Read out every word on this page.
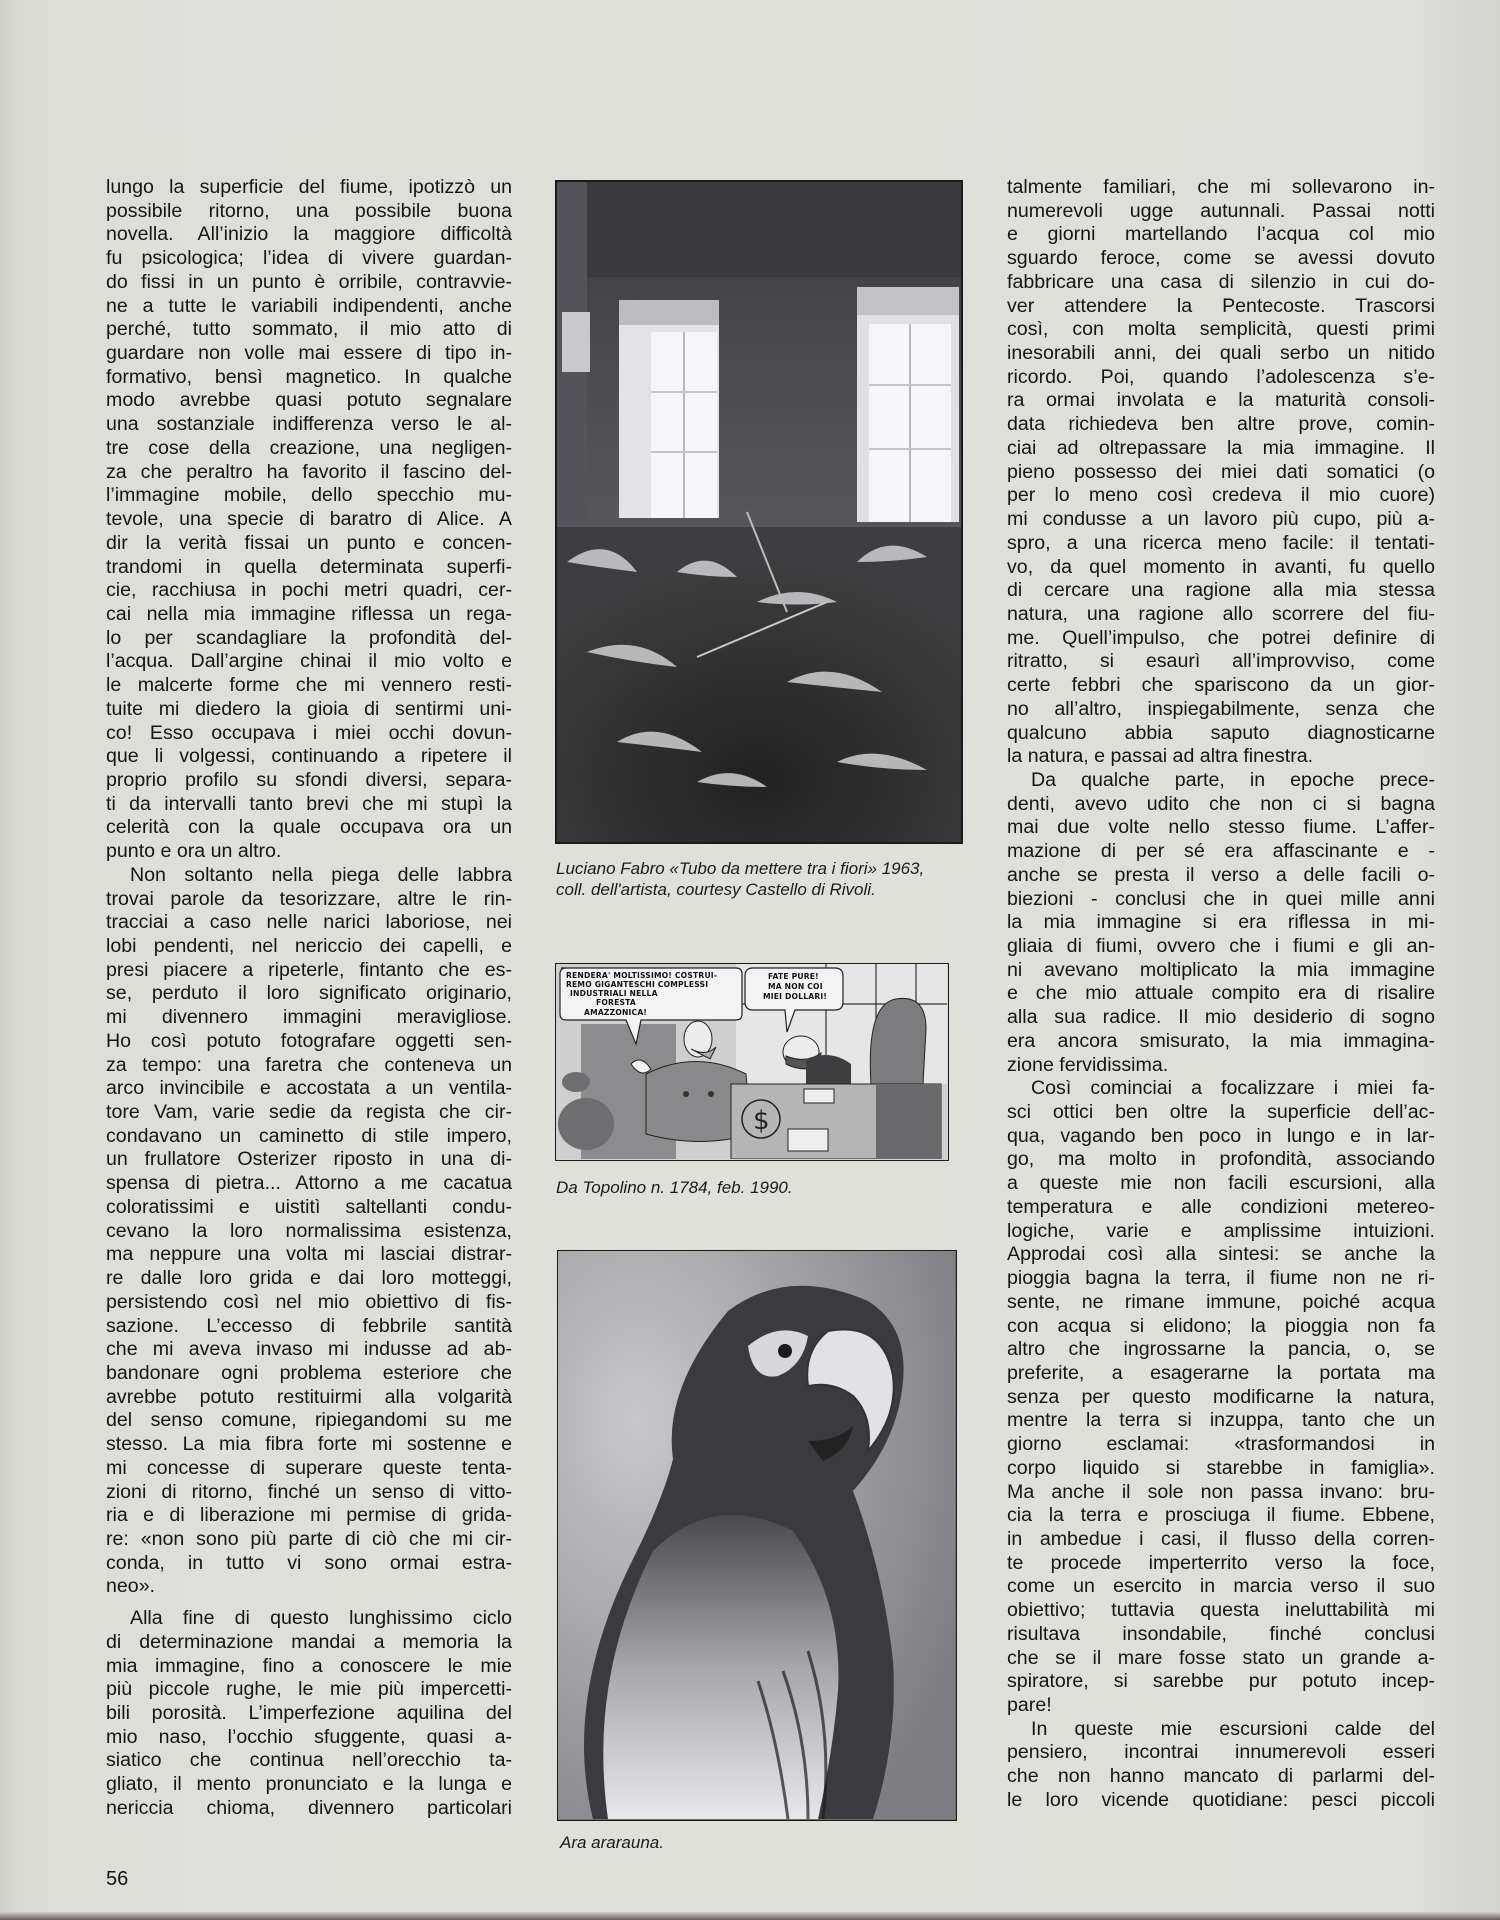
lungo la superficie del fiume, ipotizzò un
possibile ritorno, una possibile buona
novella. All’inizio la maggiore difficoltà
fu psicologica; l’idea di vivere guardan-
do fissi in un punto è orribile, contravvie-
ne a tutte le variabili indipendenti, anche
perché, tutto sommato, il mio atto di
guardare non volle mai essere di tipo in-
formativo, bensì magnetico. In qualche
modo avrebbe quasi potuto segnalare
una sostanziale indifferenza verso le al-
tre cose della creazione, una negligen-
za che peraltro ha favorito il fascino del-
l’immagine mobile, dello specchio mu-
tevole, una specie di baratro di Alice. A
dir la verità fissai un punto e concen-
trandomi in quella determinata superfi-
cie, racchiusa in pochi metri quadri, cer-
cai nella mia immagine riflessa un rega-
lo per scandagliare la profondità del-
l’acqua. Dall’argine chinai il mio volto e
le malcerte forme che mi vennero resti-
tuite mi diedero la gioia di sentirmi uni-
co! Esso occupava i miei occhi dovun-
que li volgessi, continuando a ripetere il
proprio profilo su sfondi diversi, separa-
ti da intervalli tanto brevi che mi stupì la
celerità con la quale occupava ora un
punto e ora un altro.
Non soltanto nella piega delle labbra
trovai parole da tesorizzare, altre le rin-
tracciai a caso nelle narici laboriose, nei
lobi pendenti, nel nericcio dei capelli, e
presi piacere a ripeterle, fintanto che es-
se, perduto il loro significato originario,
mi divennero immagini meravigliose.
Ho così potuto fotografare oggetti sen-
za tempo: una faretra che conteneva un
arco invincibile e accostata a un ventila-
tore Vam, varie sedie da regista che cir-
condavano un caminetto di stile impero,
un frullatore Osterizer riposto in una di-
spensa di pietra... Attorno a me cacatua
coloratissimi e uistitì saltellanti condu-
cevano la loro normalissima esistenza,
ma neppure una volta mi lasciai distrar-
re dalle loro grida e dai loro motteggi,
persistendo così nel mio obiettivo di fis-
sazione. L’eccesso di febbrile santità
che mi aveva invaso mi indusse ad ab-
bandonare ogni problema esteriore che
avrebbe potuto restituirmi alla volgarità
del senso comune, ripiegandomi su me
stesso. La mia fibra forte mi sostenne e
mi concesse di superare queste tenta-
zioni di ritorno, finché un senso di vitto-
ria e di liberazione mi permise di grida-
re: «non sono più parte di ciò che mi cir-
conda, in tutto vi sono ormai estra-
neo».
Alla fine di questo lunghissimo ciclo
di determinazione mandai a memoria la
mia immagine, fino a conoscere le mie
più piccole rughe, le mie più impercetti-
bili porosità. L’imperfezione aquilina del
mio naso, l’occhio sfuggente, quasi a-
siatico che continua nell’orecchio ta-
gliato, il mento pronunciato e la lunga e
nericcia chioma, divennero particolari
talmente familiari, che mi sollevarono in-
numerevoli ugge autunnali. Passai notti
e giorni martellando l’acqua col mio
sguardo feroce, come se avessi dovuto
fabbricare una casa di silenzio in cui do-
ver attendere la Pentecoste. Trascorsi
così, con molta semplicità, questi primi
inesorabili anni, dei quali serbo un nitido
ricordo. Poi, quando l’adolescenza s’e-
ra ormai involata e la maturità consoli-
data richiedeva ben altre prove, comin-
ciai ad oltrepassare la mia immagine. Il
pieno possesso dei miei dati somatici (o
per lo meno così credeva il mio cuore)
mi condusse a un lavoro più cupo, più a-
spro, a una ricerca meno facile: il tentati-
vo, da quel momento in avanti, fu quello
di cercare una ragione alla mia stessa
natura, una ragione allo scorrere del fiu-
me. Quell’impulso, che potrei definire di
ritratto, si esaurì all’improvviso, come
certe febbri che spariscono da un gior-
no all’altro, inspiegabilmente, senza che
qualcuno abbia saputo diagnosticarne
la natura, e passai ad altra finestra.
Da qualche parte, in epoche prece-
denti, avevo udito che non ci si bagna
mai due volte nello stesso fiume. L’affer-
mazione di per sé era affascinante e -
anche se presta il verso a delle facili o-
biezioni - conclusi che in quei mille anni
la mia immagine si era riflessa in mi-
gliaia di fiumi, ovvero che i fiumi e gli an-
ni avevano moltiplicato la mia immagine
e che mio attuale compito era di risalire
alla sua radice. Il mio desiderio di sogno
era ancora smisurato, la mia immagina-
zione fervidissima.
Così cominciai a focalizzare i miei fa-
sci ottici ben oltre la superficie dell’ac-
qua, vagando ben poco in lungo e in lar-
go, ma molto in profondità, associando
a queste mie non facili escursioni, alla
temperatura e alle condizioni metereo-
logiche, varie e amplissime intuizioni.
Approdai così alla sintesi: se anche la
pioggia bagna la terra, il fiume non ne ri-
sente, ne rimane immune, poiché acqua
con acqua si elidono; la pioggia non fa
altro che ingrossarne la pancia, o, se
preferite, a esagerarne la portata ma
senza per questo modificarne la natura,
mentre la terra si inzuppa, tanto che un
giorno esclamai: «trasformandosi in
corpo liquido si starebbe in famiglia».
Ma anche il sole non passa invano: bru-
cia la terra e prosciuga il fiume. Ebbene,
in ambedue i casi, il flusso della corren-
te procede imperterrito verso la foce,
come un esercito in marcia verso il suo
obiettivo; tuttavia questa ineluttabilità mi
risultava insondabile, finché conclusi
che se il mare fosse stato un grande a-
spiratore, si sarebbe pur potuto incep-
pare!
In queste mie escursioni calde del
pensiero, incontrai innumerevoli esseri
che non hanno mancato di parlarmi del-
le loro vicende quotidiane: pesci piccoli
Luciano Fabro «Tubo da mettere tra i fiori» 1963,
coll. dell'artista, courtesy Castello di Rivoli.
RENDERA' MOLTISSIMO! COSTRUI-
REMO GIGANTESCHI COMPLESSI
INDUSTRIALI NELLA
FORESTA
AMAZZONICA!
FATE PURE!
MA NON COI
MIEI DOLLARI!
$
Da Topolino n. 1784, feb. 1990.
Ara ararauna.
56
